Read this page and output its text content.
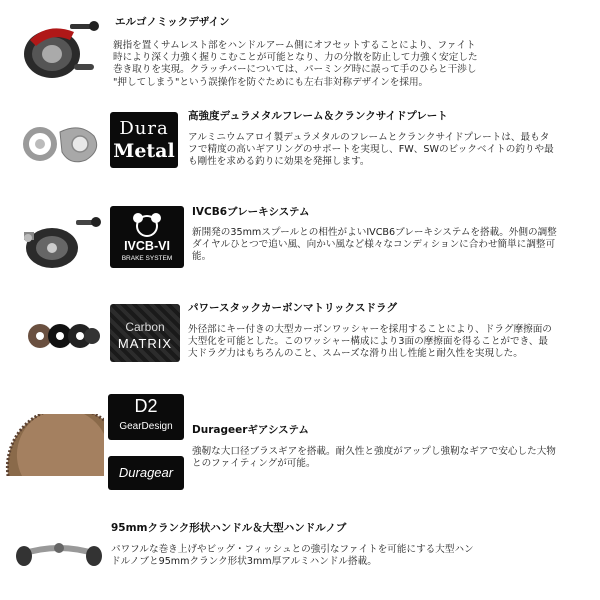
エルゴノミックデザイン
親指を置くサムレスト部をハンドルアーム側にオフセットすることにより、ファイト
時により深く力強く握りこむことが可能となり、力の分散を防止して力強く安定した
巻き取りを実現。クラッチバーについては、パーミング時に誤って手のひらと干渉し
"押してしまう"という誤操作を防ぐためにも左右非対称デザインを採用。
Dura
Metal
高強度デュラメタルフレーム＆クランクサイドプレート
アルミニウムアロイ製デュラメタルのフレームとクランクサイドプレートは、最もタ
フで精度の高いギアリングのサポートを実現し、FW、SWのビックベイトの釣りや最
も剛性を求める釣りに効果を発揮します。
IVCB-VI
BRAKE SYSTEM
IVCB6ブレーキシステム
新開発の35mmスプールとの相性がよいIVCB6ブレーキシステムを搭載。外側の調整
ダイヤルひとつで追い風、向かい風など様々なコンディションに合わせ簡単に調整可
能。
Carbon
MATRIX
パワースタックカーボンマトリックスドラグ
外径部にキー付きの大型カーボンワッシャーを採用することにより、ドラグ摩擦面の
大型化を可能とした。このワッシャー構成により3面の摩擦面を得ることができ、最
大ドラグ力はもちろんのこと、スムーズな滑り出し性能と耐久性を実現した。
D2
GearDesign
Duragear
Durageerギアシステム
強靭な大口径ブラスギアを搭載。耐久性と強度がアップし強靭なギアで安心した大物
とのファイティングが可能。
95mmクランク形状ハンドル＆大型ハンドルノブ
パワフルな巻き上げやビッグ・フィッシュとの強引なファイトを可能にする大型ハン
ドルノブと95mmクランク形状3mm厚アルミハンドル搭載。
